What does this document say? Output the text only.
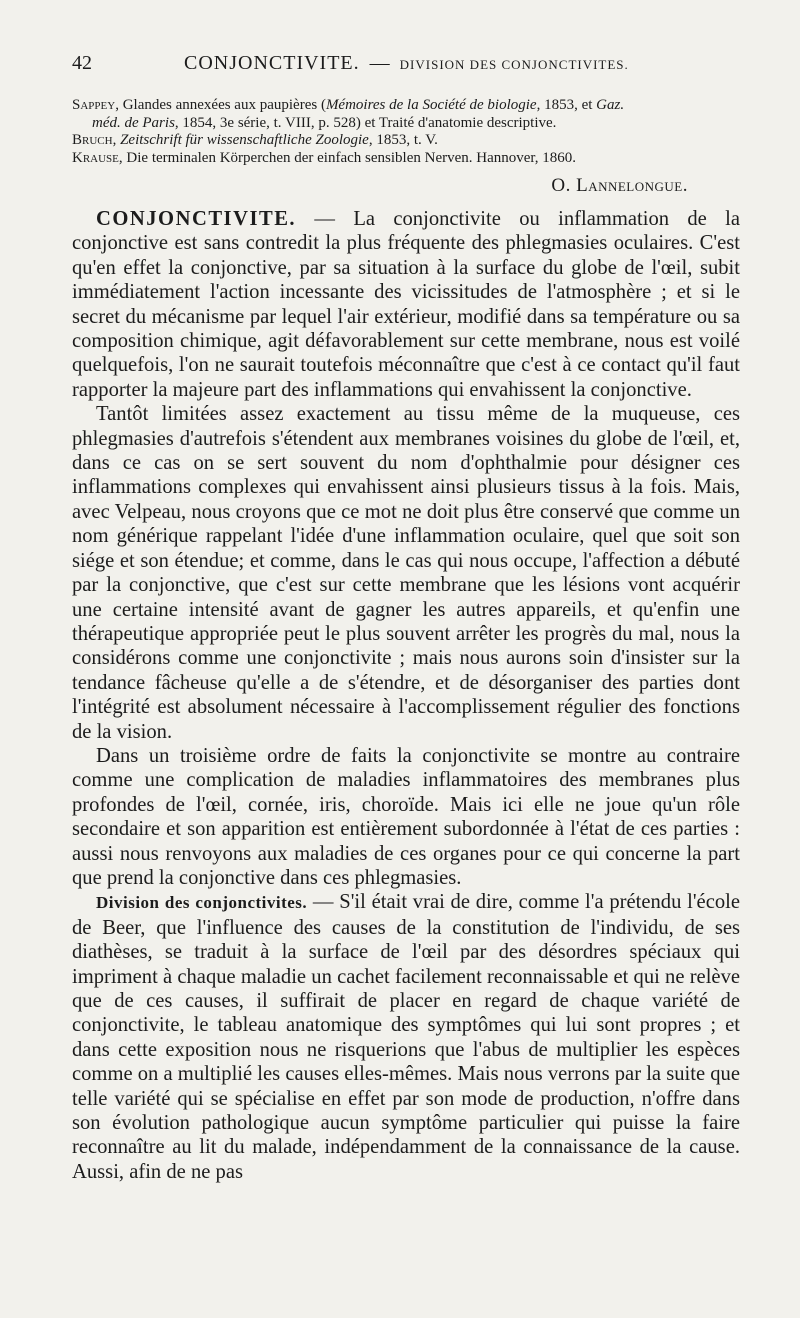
42	CONJONCTIVITE. — DIVISION DES CONJONCTIVITES.

Sappey, Glandes annexées aux paupières (Mémoires de la Société de biologie, 1853, et Gaz.
méd. de Paris, 1854, 3e série, t. VIII, p. 528) et Traité d'anatomie descriptive.

Bruch, Zeitschrift für wissenschaftliche Zoologie, 1853, t. V.

Krause, Die terminalen Körperchen der einfach sensiblen Nerven. Hannover, 1860.

O. Lannelongue.

CONJONCTIVITE. — La conjonctivite ou inflammation de la conjonctive est sans contredit la plus fréquente des phlegmasies oculaires. C'est qu'en effet la conjonctive, par sa situation à la surface du globe de l'œil, subit immédiatement l'action incessante des vicissitudes de l'atmosphère ; et si le secret du mécanisme par lequel l'air extérieur, modifié dans sa température ou sa composition chimique, agit défavorablement sur cette membrane, nous est voilé quelquefois, l'on ne saurait toutefois méconnaître que c'est à ce contact qu'il faut rapporter la majeure part des inflammations qui envahissent la conjonctive.

Tantôt limitées assez exactement au tissu même de la muqueuse, ces phlegmasies d'autrefois s'étendent aux membranes voisines du globe de l'œil, et, dans ce cas on se sert souvent du nom d'ophthalmie pour désigner ces inflammations complexes qui envahissent ainsi plusieurs tissus à la fois. Mais, avec Velpeau, nous croyons que ce mot ne doit plus être conservé que comme un nom générique rappelant l'idée d'une inflammation oculaire, quel que soit son siége et son étendue; et comme, dans le cas qui nous occupe, l'affection a débuté par la conjonctive, que c'est sur cette membrane que les lésions vont acquérir une certaine intensité avant de gagner les autres appareils, et qu'enfin une thérapeutique appropriée peut le plus souvent arrêter les progrès du mal, nous la considérons comme une conjonctivite ; mais nous aurons soin d'insister sur la tendance fâcheuse qu'elle a de s'étendre, et de désorganiser des parties dont l'intégrité est absolument nécessaire à l'accomplissement régulier des fonctions de la vision.

Dans un troisième ordre de faits la conjonctivite se montre au contraire comme une complication de maladies inflammatoires des membranes plus profondes de l'œil, cornée, iris, choroïde. Mais ici elle ne joue qu'un rôle secondaire et son apparition est entièrement subordonnée à l'état de ces parties : aussi nous renvoyons aux maladies de ces organes pour ce qui concerne la part que prend la conjonctive dans ces phlegmasies.

Division des conjonctivites. — S'il était vrai de dire, comme l'a prétendu l'école de Beer, que l'influence des causes de la constitution de l'individu, de ses diathèses, se traduit à la surface de l'œil par des désordres spéciaux qui impriment à chaque maladie un cachet facilement reconnaissable et qui ne relève que de ces causes, il suffirait de placer en regard de chaque variété de conjonctivite, le tableau anatomique des symptômes qui lui sont propres ; et dans cette exposition nous ne risquerions que l'abus de multiplier les espèces comme on a multiplié les causes elles-mêmes. Mais nous verrons par la suite que telle variété qui se spécialise en effet par son mode de production, n'offre dans son évolution pathologique aucun symptôme particulier qui puisse la faire reconnaître au lit du malade, indépendamment de la connaissance de la cause. Aussi, afin de ne pas
